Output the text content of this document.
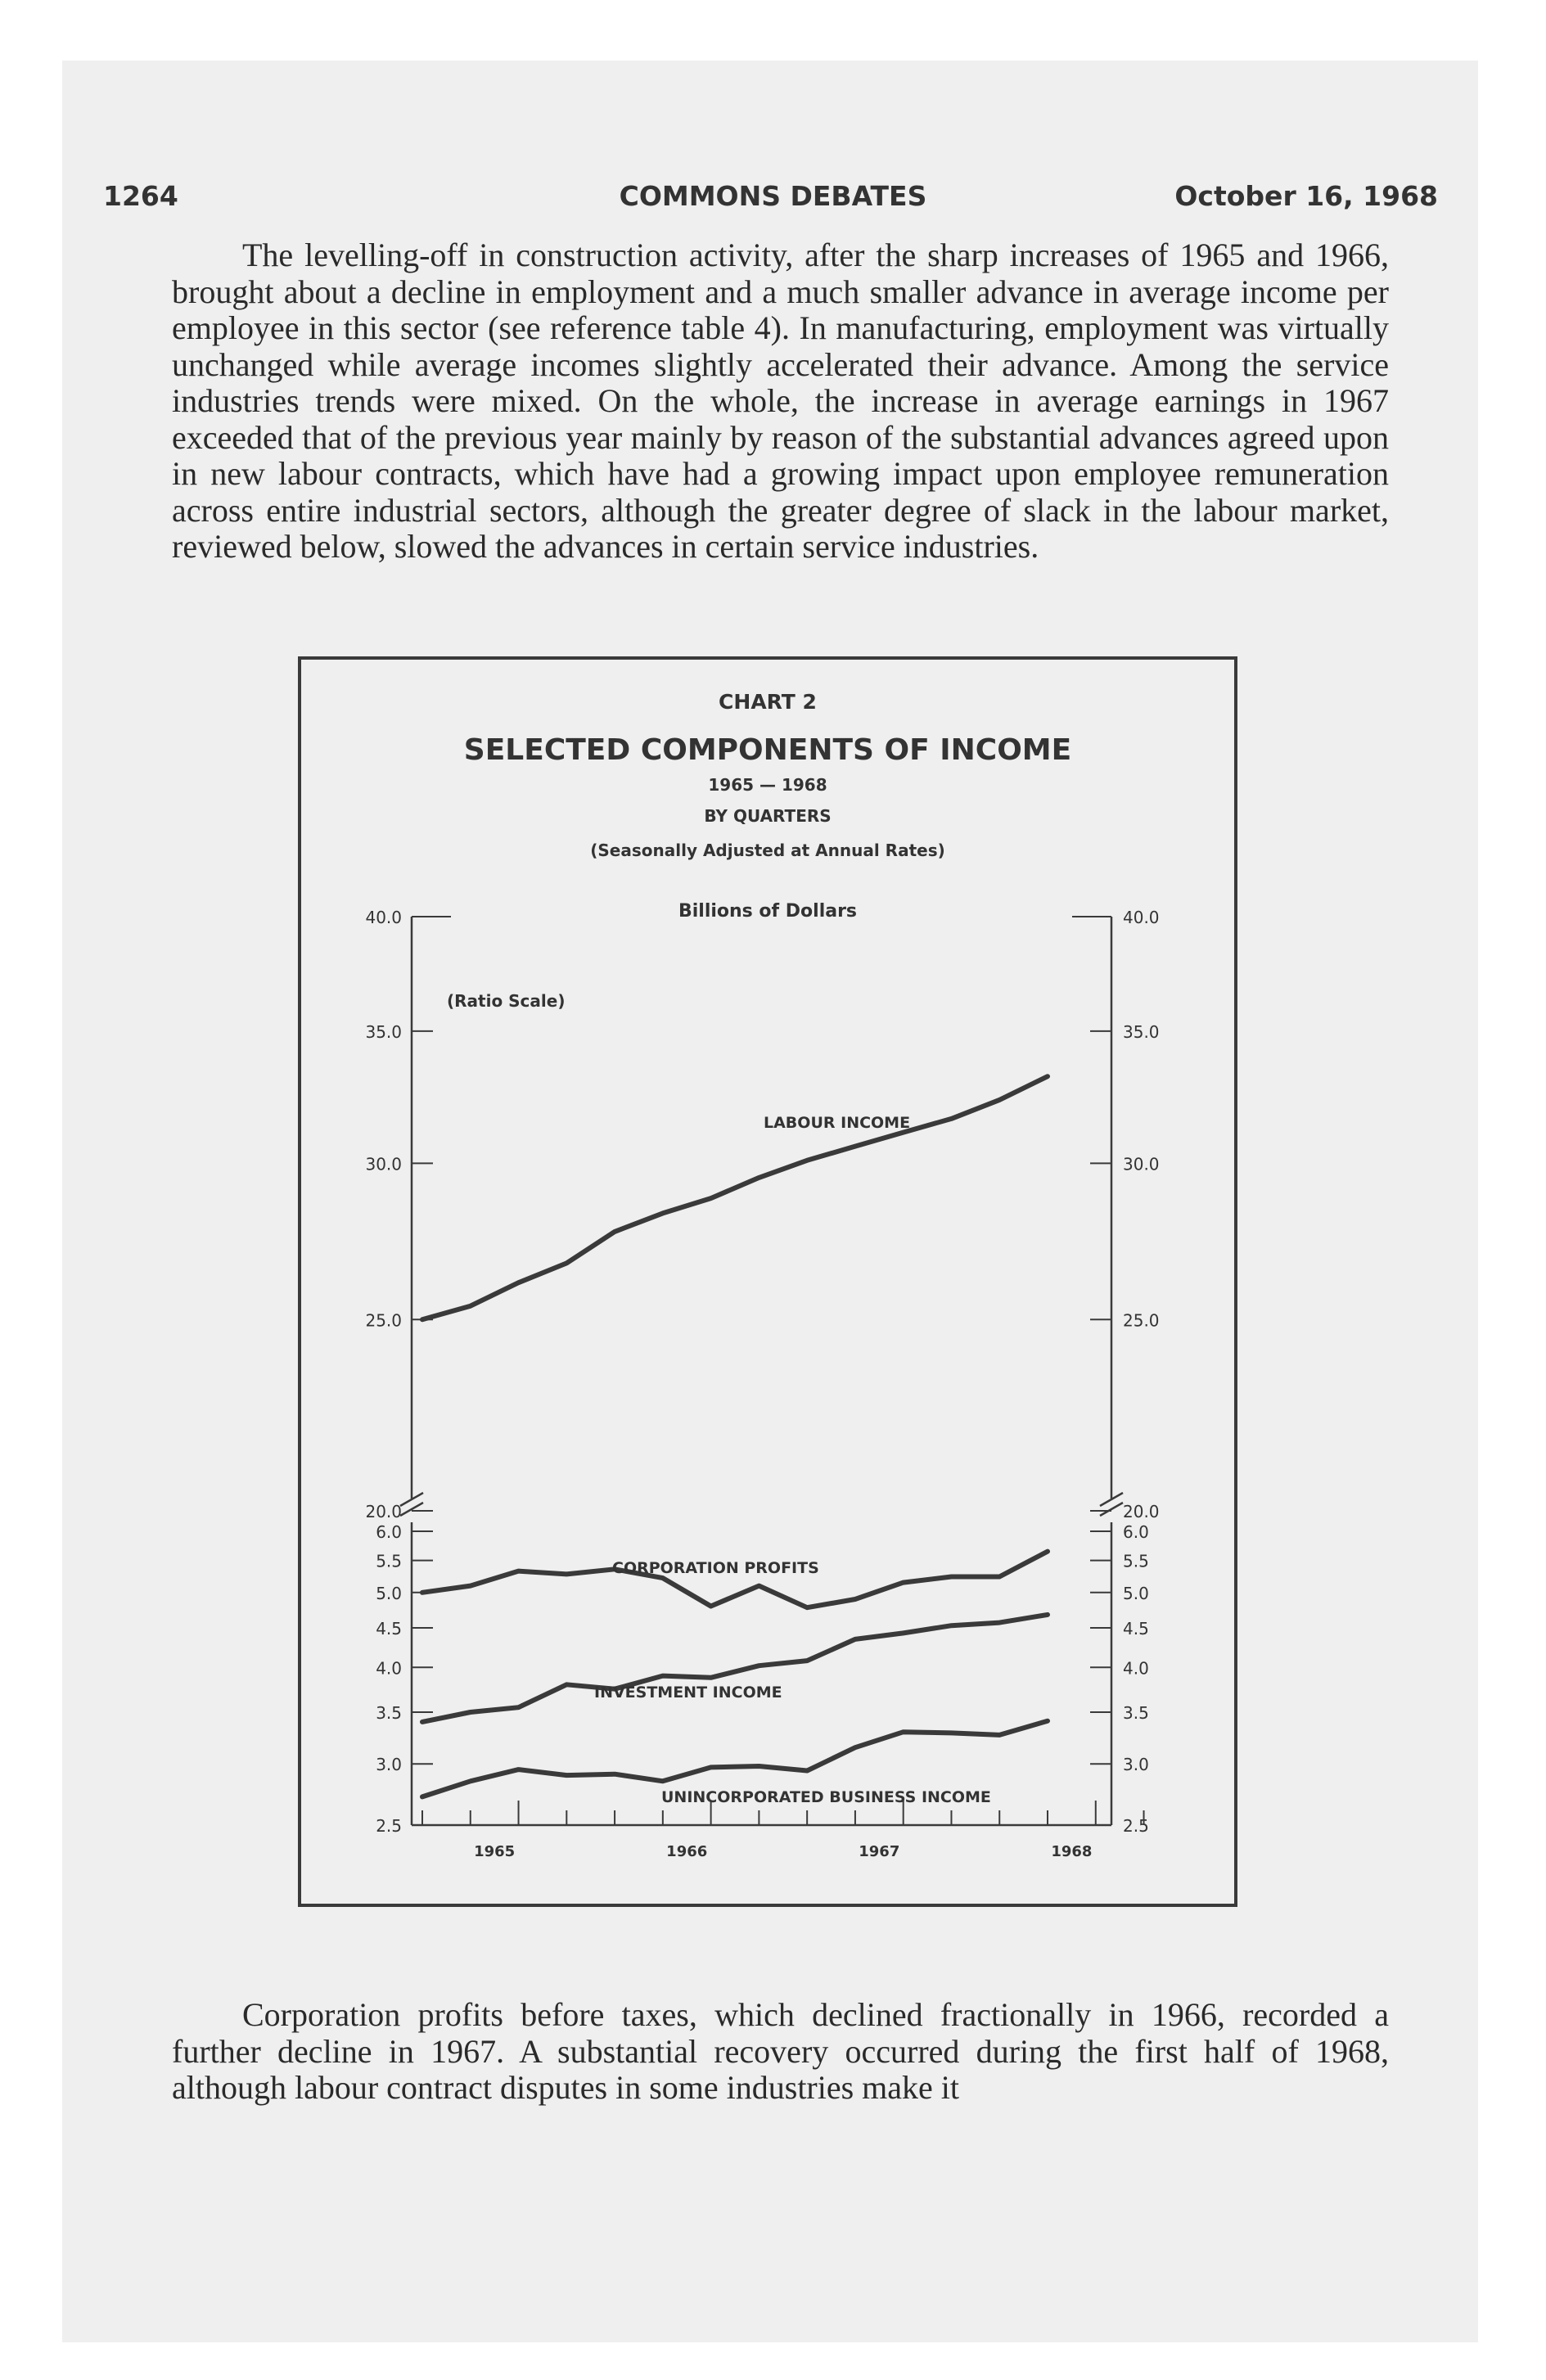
1264	COMMONS DEBATES	October 16, 1968

The levelling-off in construction activity, after the sharp increases of 1965 and 1966, brought about a decline in employment and a much smaller advance in average income per employee in this sector (see reference table 4). In manufacturing, employment was virtually unchanged while average incomes slightly accelerated their advance. Among the service industries trends were mixed. On the whole, the increase in average earnings in 1967 exceeded that of the previous year mainly by reason of the substantial advances agreed upon in new labour contracts, which have had a growing impact upon employee remuneration across entire industrial sectors, although the greater degree of slack in the labour market, reviewed below, slowed the advances in certain service industries.

CHART 2
SELECTED COMPONENTS OF INCOME
1965 — 1968
BY QUARTERS
(Seasonally Adjusted at Annual Rates)
Billions of Dollars
(Ratio Scale)
40.0	40.0
35.0	35.0
30.0	30.0
25.0	25.0
20.0	20.0
6.0	6.0
5.5	5.5
5.0	5.0
4.5	4.5
4.0	4.0
3.5	3.5
3.0	3.0
2.5	2.5
1965	1966	1967	1968
LABOUR INCOME
CORPORATION PROFITS
INVESTMENT INCOME
UNINCORPORATED BUSINESS INCOME

Corporation profits before taxes, which declined fractionally in 1966, recorded a further decline in 1967. A substantial recovery occurred during the first half of 1968, although labour contract disputes in some industries make it
